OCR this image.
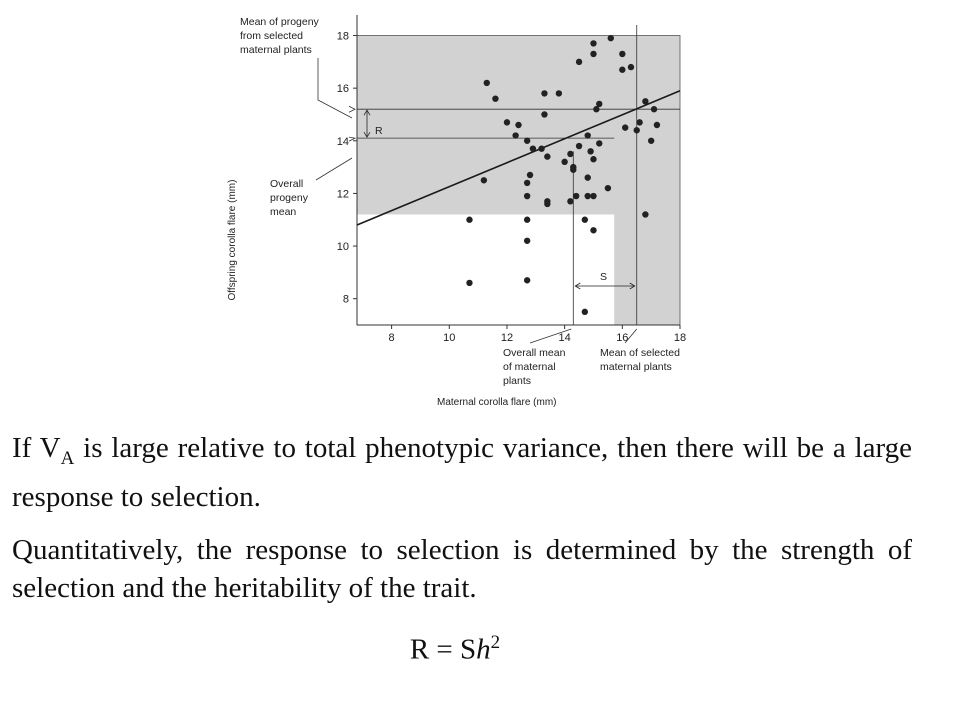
8	10	12	14	16	18
8
10
12
14
16
18
Offspring corolla flare (mm)
Maternal corolla flare (mm)
Mean of progeny
from selected
maternal plants
Overall
progeny
mean
Overall mean
of maternal
plants
Mean of selected
maternal plants
R
S

If $V_A$ is large relative to total phenotypic variance, then there will be a large response to selection.

Quantitatively, the response to selection is determined by the strength of selection and the heritability of the trait.

$R = Sh^2$
